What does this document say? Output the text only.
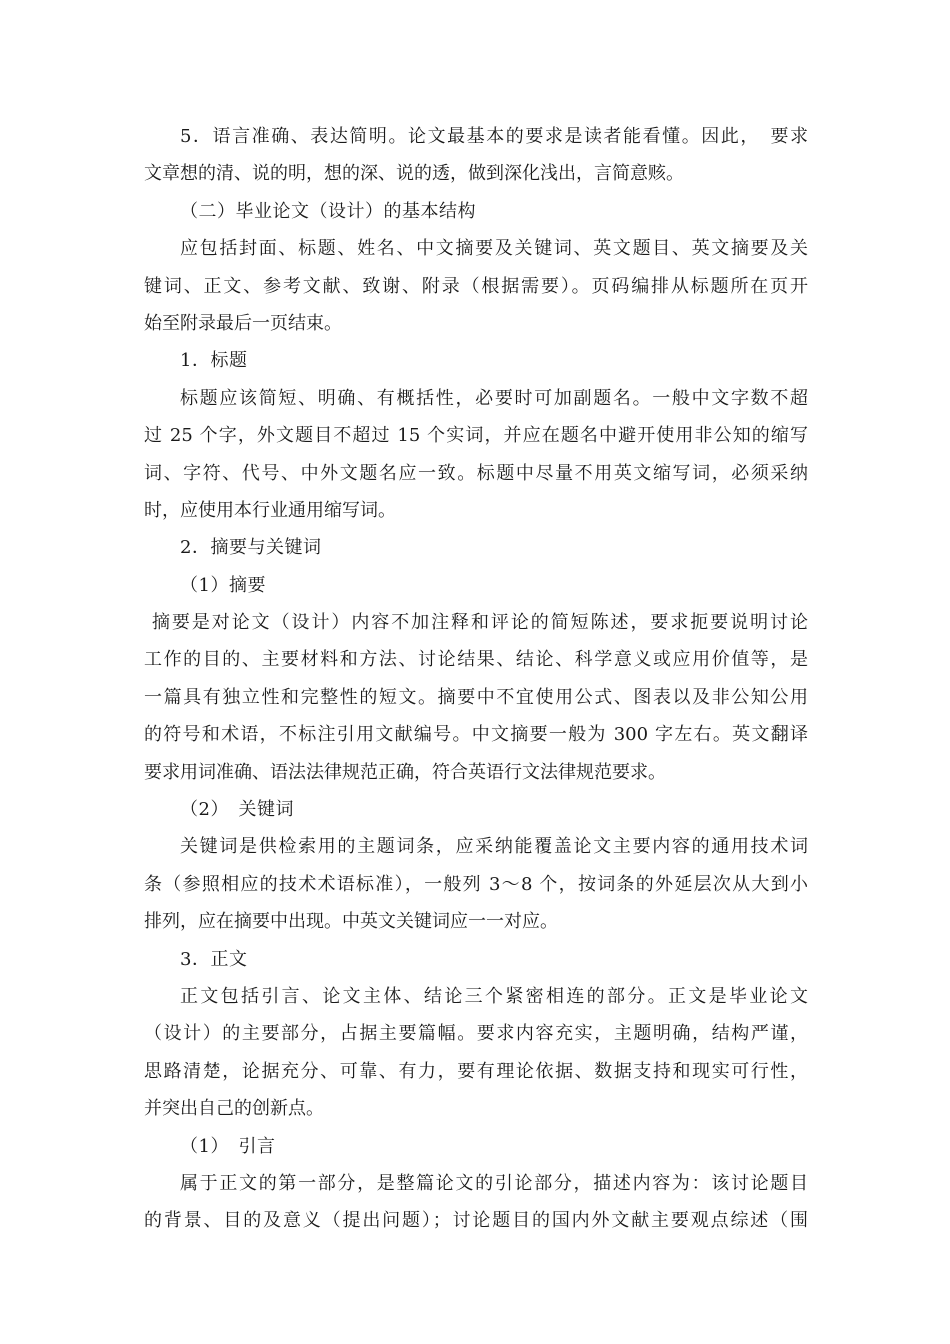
5．语言准确、表达简明。论文最基本的要求是读者能看懂。因此，　要求
文章想的清、说的明，想的深、说的透，做到深化浅出，言简意赅。
（二）毕业论文（设计）的基本结构
应包括封面、标题、姓名、中文摘要及关键词、英文题目、英文摘要及关
键词、正文、参考文献、致谢、附录（根据需要）。页码编排从标题所在页开
始至附录最后一页结束。
1．标题
标题应该简短、明确、有概括性，必要时可加副题名。一般中文字数不超
过 25 个字，外文题目不超过 15 个实词，并应在题名中避开使用非公知的缩写
词、字符、代号、中外文题名应一致。标题中尽量不用英文缩写词，必须采纳
时，应使用本行业通用缩写词。
2．摘要与关键词
（1）摘要
摘要是对论文（设计）内容不加注释和评论的简短陈述，要求扼要说明讨论
工作的目的、主要材料和方法、讨论结果、结论、科学意义或应用价值等，是
一篇具有独立性和完整性的短文。摘要中不宜使用公式、图表以及非公知公用
的符号和术语，不标注引用文献编号。中文摘要一般为 300 字左右。英文翻译
要求用词准确、语法法律规范正确，符合英语行文法律规范要求。
（2）　关键词
关键词是供检索用的主题词条，应采纳能覆盖论文主要内容的通用技术词
条（参照相应的技术术语标准），一般列 3～8 个，按词条的外延层次从大到小
排列，应在摘要中出现。中英文关键词应一一对应。
3．正文
正文包括引言、论文主体、结论三个紧密相连的部分。正文是毕业论文
（设计）的主要部分，占据主要篇幅。要求内容充实，主题明确，结构严谨，
思路清楚，论据充分、可靠、有力，要有理论依据、数据支持和现实可行性，
并突出自己的创新点。
（1）　引言
属于正文的第一部分，是整篇论文的引论部分，描述内容为：该讨论题目
的背景、目的及意义（提出问题）；讨论题目的国内外文献主要观点综述（围
